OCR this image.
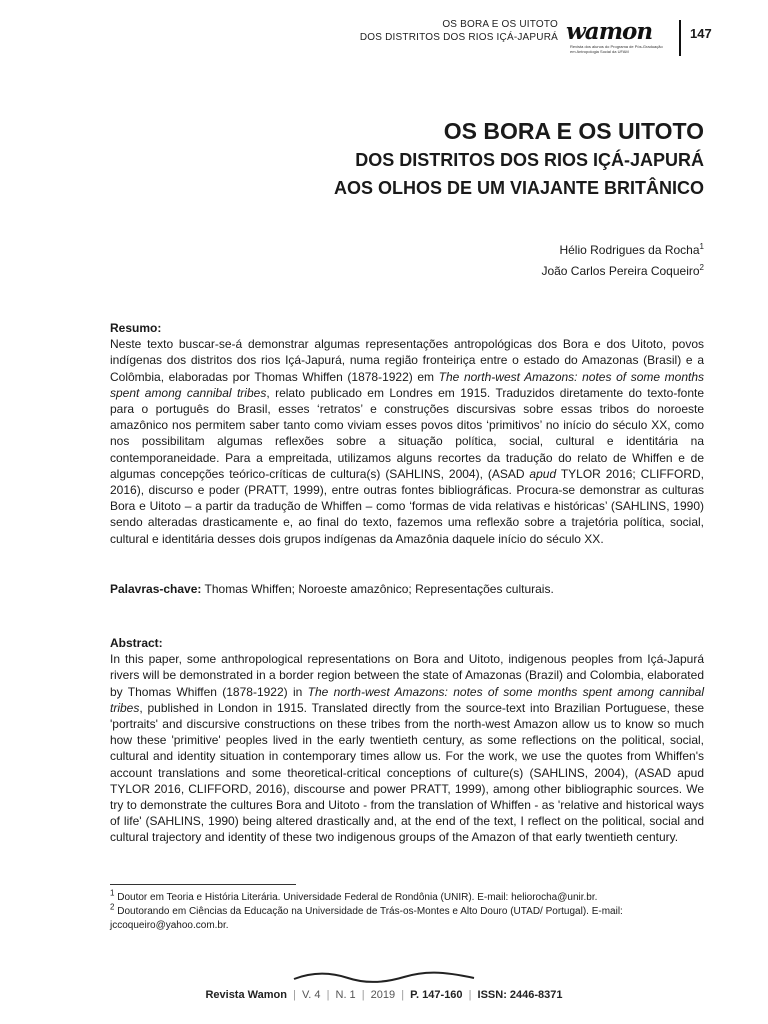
OS BORA E OS UITOTO
DOS DISTRITOS DOS RIOS IÇÁ-JAPURÁ wamon
Revista dos alunos do Programa de Pós-Graduação
em Antropologia Social da UFAM
147
OS BORA E OS UITOTO
DOS DISTRITOS DOS RIOS IÇÁ-JAPURÁ
AOS OLHOS DE UM VIAJANTE BRITÂNICO
Hélio Rodrigues da Rocha$^1$
João Carlos Pereira Coqueiro$^2$

Resumo:

Neste texto buscar-se-á demonstrar algumas representações antropológicas dos Bora e dos Uitoto, povos indígenas dos distritos dos rios Içá-Japurá, numa região fronteiriça entre o estado do Amazonas (Brasil) e a Colômbia, elaboradas por Thomas Whiffen (1878-1922) em The north-west Amazons: notes of some months spent among cannibal tribes, relato publicado em Londres em 1915. Traduzidos diretamente do texto-fonte para o português do Brasil, esses ‘retratos’ e construções discursivas sobre essas tribos do noroeste amazônico nos permitem saber tanto como viviam esses povos ditos ‘primitivos’ no início do século XX, como nos possibilitam algumas reflexões sobre a situação política, social, cultural e identitária na contemporaneidade. Para a empreitada, utilizamos alguns recortes da tradução do relato de Whiffen e de algumas concepções teórico-críticas de cultura(s) (SAHLINS, 2004), (ASAD apud TYLOR 2016; CLIFFORD, 2016), discurso e poder (PRATT, 1999), entre outras fontes bibliográficas. Procura-se demonstrar as culturas Bora e Uitoto – a partir da tradução de Whiffen – como ‘formas de vida relativas e históricas’ (SAHLINS, 1990) sendo alteradas drasticamente e, ao final do texto, fazemos uma reflexão sobre a trajetória política, social, cultural e identitária desses dois grupos indígenas da Amazônia daquele início do século XX.

Palavras-chave: Thomas Whiffen; Noroeste amazônico; Representações culturais.

Abstract:

In this paper, some anthropological representations on Bora and Uitoto, indigenous peoples from Içá-Japurá rivers will be demonstrated in a border region between the state of Amazonas (Brazil) and Colombia, elaborated by Thomas Whiffen (1878-1922) in The north-west Amazons: notes of some months spent among cannibal tribes, published in London in 1915. Translated directly from the source-text into Brazilian Portuguese, these 'portraits' and discursive constructions on these tribes from the north-west Amazon allow us to know so much how these 'primitive' peoples lived in the early twentieth century, as some reflections on the political, social, cultural and identity situation in contemporary times allow us. For the work, we use the quotes from Whiffen's account translations and some theoretical-critical conceptions of culture(s) (SAHLINS, 2004), (ASAD apud TYLOR 2016, CLIFFORD, 2016), discourse and power PRATT, 1999), among other bibliographic sources. We try to demonstrate the cultures Bora and Uitoto - from the translation of Whiffen - as 'relative and historical ways of life' (SAHLINS, 1990) being altered drastically and, at the end of the text, I reflect on the political, social and cultural trajectory and identity of these two indigenous groups of the Amazon of that early twentieth century.

$^1$ Doutor em Teoria e História Literária. Universidade Federal de Rondônia (UNIR). E-mail: heliorocha@unir.br.

$^2$ Doutorando em Ciências da Educação na Universidade de Trás-os-Montes e Alto Douro (UTAD/ Portugal). E-mail: jccoqueiro@yahoo.com.br.

Revista Wamon | V. 4 | N. 1 | 2019 | P. 147-160 | ISSN: 2446-8371
